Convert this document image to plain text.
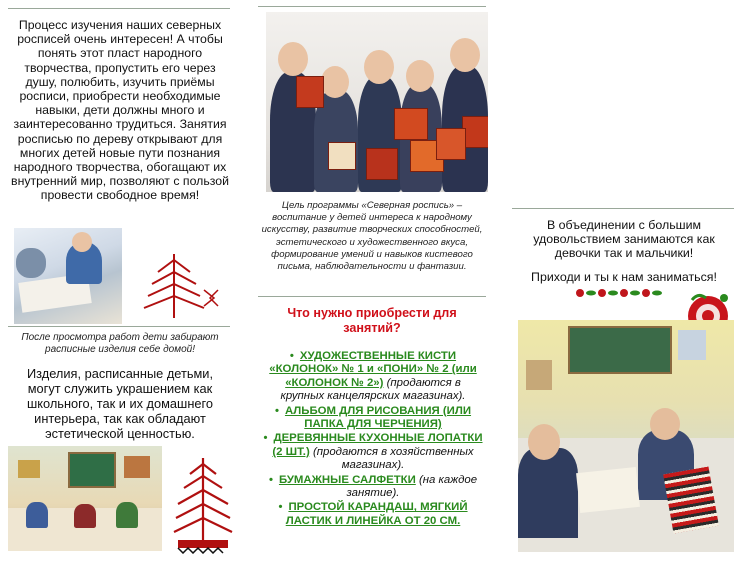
Процесс изучения наших северных росписей очень интересен! А чтобы понять этот пласт народного творчества, пропустить его через душу, полюбить, изучить приёмы росписи, приобрести необходимые навыки, дети должны много и заинтересованно трудиться. Занятия росписью по дереву открывают для многих детей новые пути познания народного творчества, обогащают их внутренний мир, позволяют с пользой провести свободное время!
После просмотра работ дети забирают расписные изделия себе домой!
Изделия, расписанные детьми, могут служить украшением как школьного, так и их домашнего интерьера, так как обладают эстетической ценностью.
Цель программы «Северная роспись» – воспитание у детей интереса к народному искусству, развитие творческих способностей, эстетического и художественного вкуса, формирование умений и навыков кистевого письма, наблюдательности и фантазии.
Что нужно приобрести для занятий?
• ХУДОЖЕСТВЕННЫЕ КИСТИ «КОЛОНОК» № 1 и «ПОНИ» № 2 (или «КОЛОНОК № 2») (продаются в крупных канцелярских магазинах).
• АЛЬБОМ ДЛЯ РИСОВАНИЯ (ИЛИ ПАПКА ДЛЯ ЧЕРЧЕНИЯ)
• ДЕРЕВЯННЫЕ КУХОННЫЕ ЛОПАТКИ (2 ШТ.) (продаются в хозяйственных магазинах).
• БУМАЖНЫЕ САЛФЕТКИ (на каждое занятие).
• ПРОСТОЙ КАРАНДАШ, МЯГКИЙ ЛАСТИК И ЛИНЕЙКА ОТ 20 СМ.
В объединении с большим удовольствием занимаются как девочки так и мальчики!
Приходи и ты к нам заниматься!
